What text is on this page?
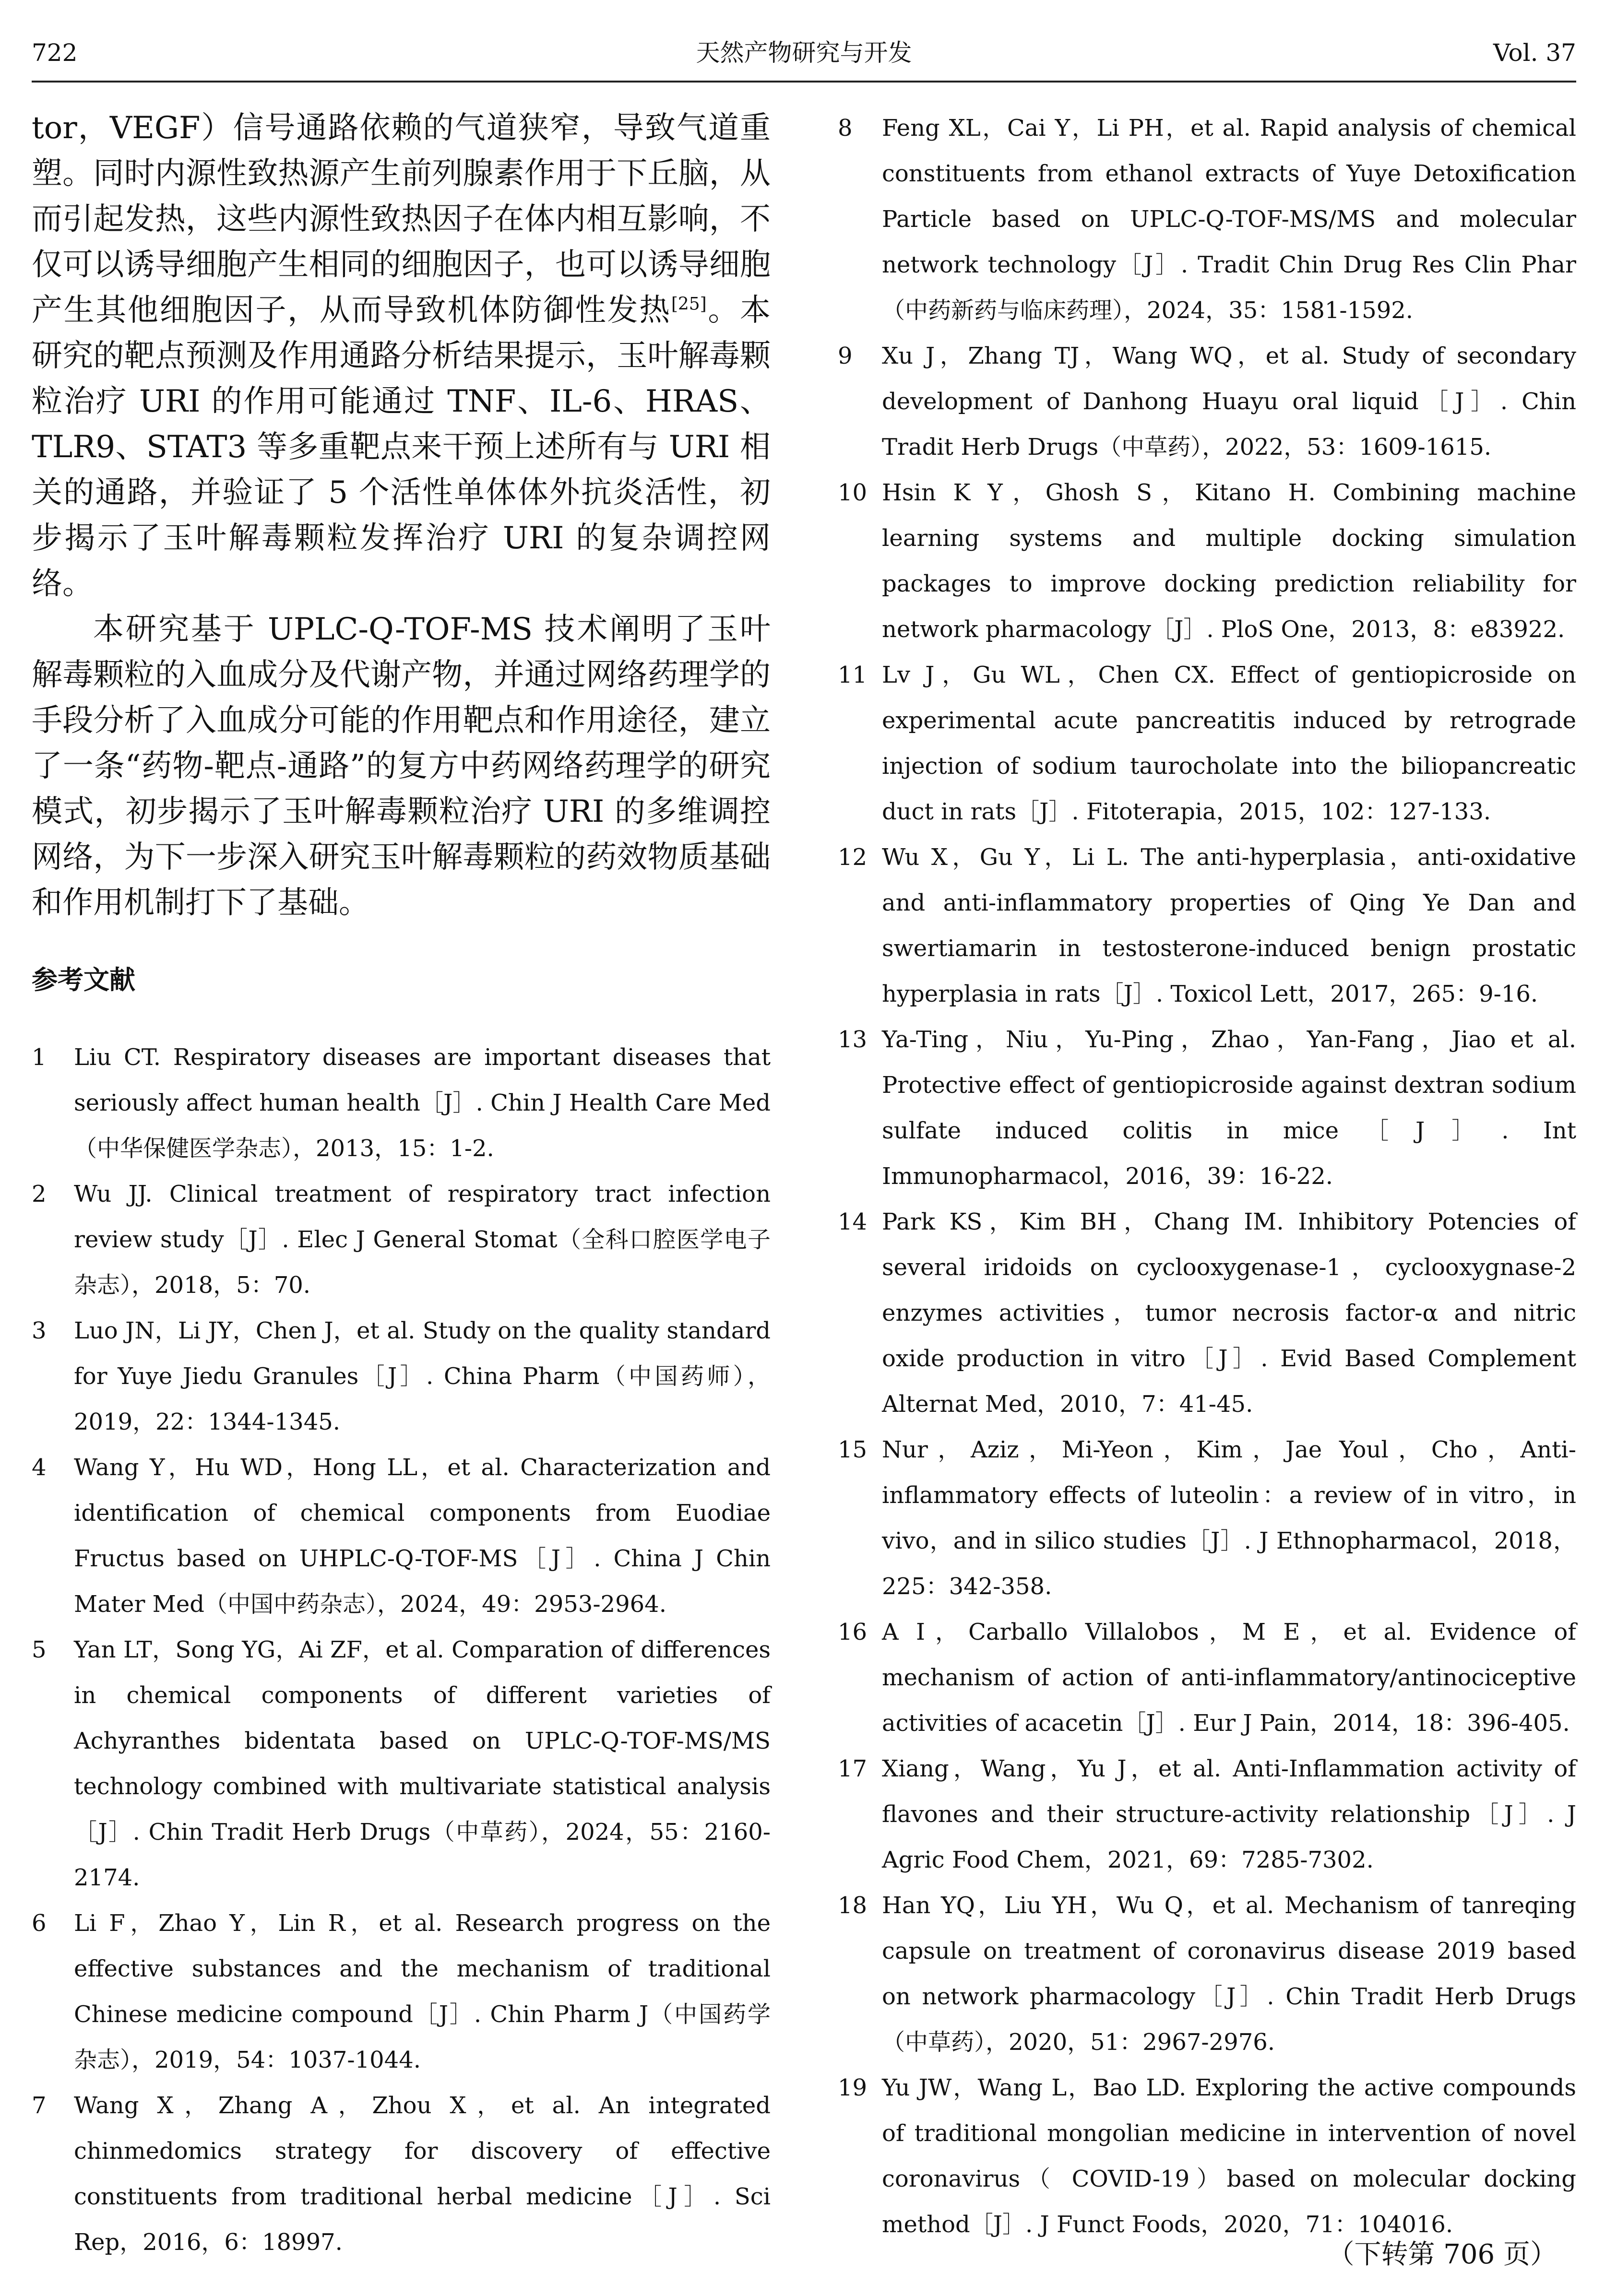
722	天然产物研究与开发	Vol. 37

tor，VEGF）信号通路依赖的气道狭窄，导致气道重塑。同时内源性致热源产生前列腺素作用于下丘脑，从而引起发热，这些内源性致热因子在体内相互影响，不仅可以诱导细胞产生相同的细胞因子，也可以诱导细胞产生其他细胞因子，从而导致机体防御性发热[25]。本研究的靶点预测及作用通路分析结果提示，玉叶解毒颗粒治疗 URI 的作用可能通过 TNF、IL-6、HRAS、TLR9、STAT3 等多重靶点来干预上述所有与 URI 相关的通路，并验证了 5 个活性单体体外抗炎活性，初步揭示了玉叶解毒颗粒发挥治疗 URI 的复杂调控网络。

本研究基于 UPLC-Q-TOF-MS 技术阐明了玉叶解毒颗粒的入血成分及代谢产物，并通过网络药理学的手段分析了入血成分可能的作用靶点和作用途径，建立了一条“药物-靶点-通路”的复方中药网络药理学的研究模式，初步揭示了玉叶解毒颗粒治疗 URI 的多维调控网络，为下一步深入研究玉叶解毒颗粒的药效物质基础和作用机制打下了基础。

参考文献
1 Liu CT. Respiratory diseases are important diseases that seriously affect human health［J］. Chin J Health Care Med（中华保健医学杂志），2013，15：1-2.
2 Wu JJ. Clinical treatment of respiratory tract infection review study［J］. Elec J General Stomat（全科口腔医学电子杂志），2018，5：70.
3 Luo JN，Li JY，Chen J，et al. Study on the quality standard for Yuye Jiedu Granules［J］. China Pharm（中国药师），2019，22：1344-1345.
4 Wang Y，Hu WD，Hong LL，et al. Characterization and identification of chemical components from Euodiae Fructus based on UHPLC-Q-TOF-MS［J］. China J Chin Mater Med（中国中药杂志），2024，49：2953-2964.
5 Yan LT，Song YG，Ai ZF，et al. Comparation of differences in chemical components of different varieties of Achyranthes bidentata based on UPLC-Q-TOF-MS/MS technology combined with multivariate statistical analysis［J］. Chin Tradit Herb Drugs（中草药），2024，55：2160-2174.
6 Li F，Zhao Y，Lin R，et al. Research progress on the effective substances and the mechanism of traditional Chinese medicine compound［J］. Chin Pharm J（中国药学杂志），2019，54：1037-1044.
7 Wang X，Zhang A，Zhou X，et al. An integrated chinmedomics strategy for discovery of effective constituents from traditional herbal medicine［J］. Sci Rep，2016，6：18997.
8 Feng XL，Cai Y，Li PH，et al. Rapid analysis of chemical constituents from ethanol extracts of Yuye Detoxification Particle based on UPLC-Q-TOF-MS/MS and molecular network technology［J］. Tradit Chin Drug Res Clin Phar（中药新药与临床药理），2024，35：1581-1592.
9 Xu J，Zhang TJ，Wang WQ，et al. Study of secondary development of Danhong Huayu oral liquid［J］. Chin Tradit Herb Drugs（中草药），2022，53：1609-1615.
10 Hsin K Y，Ghosh S，Kitano H. Combining machine learning systems and multiple docking simulation packages to improve docking prediction reliability for network pharmacology［J］. PloS One，2013，8：e83922.
11 Lv J，Gu WL，Chen CX. Effect of gentiopicroside on experimental acute pancreatitis induced by retrograde injection of sodium taurocholate into the biliopancreatic duct in rats［J］. Fitoterapia，2015，102：127-133.
12 Wu X，Gu Y，Li L. The anti-hyperplasia，anti-oxidative and anti-inflammatory properties of Qing Ye Dan and swertiamarin in testosterone-induced benign prostatic hyperplasia in rats［J］. Toxicol Lett，2017，265：9-16.
13 Ya-Ting，Niu，Yu-Ping，Zhao，Yan-Fang，Jiao et al. Protective effect of gentiopicroside against dextran sodium sulfate induced colitis in mice［J］. Int Immunopharmacol，2016，39：16-22.
14 Park KS，Kim BH，Chang IM. Inhibitory Potencies of several iridoids on cyclooxygenase-1，cyclooxygnase-2 enzymes activities，tumor necrosis factor-α and nitric oxide production in vitro［J］. Evid Based Complement Alternat Med，2010，7：41-45.
15 Nur，Aziz，Mi-Yeon，Kim，Jae Youl，Cho，Anti-inflammatory effects of luteolin：a review of in vitro，in vivo，and in silico studies［J］. J Ethnopharmacol，2018，225：342-358.
16 A I，Carballo Villalobos，M E，et al. Evidence of mechanism of action of anti-inflammatory/antinociceptive activities of acacetin［J］. Eur J Pain，2014，18：396-405.
17 Xiang，Wang，Yu J，et al. Anti-Inflammation activity of flavones and their structure-activity relationship［J］. J Agric Food Chem，2021，69：7285-7302.
18 Han YQ，Liu YH，Wu Q，et al. Mechanism of tanreqing capsule on treatment of coronavirus disease 2019 based on network pharmacology［J］. Chin Tradit Herb Drugs（中草药），2020，51：2967-2976.
19 Yu JW，Wang L，Bao LD. Exploring the active compounds of traditional mongolian medicine in intervention of novel coronavirus（ COVID-19）based on molecular docking method［J］. J Funct Foods，2020，71：104016.
（下转第 706 页）
